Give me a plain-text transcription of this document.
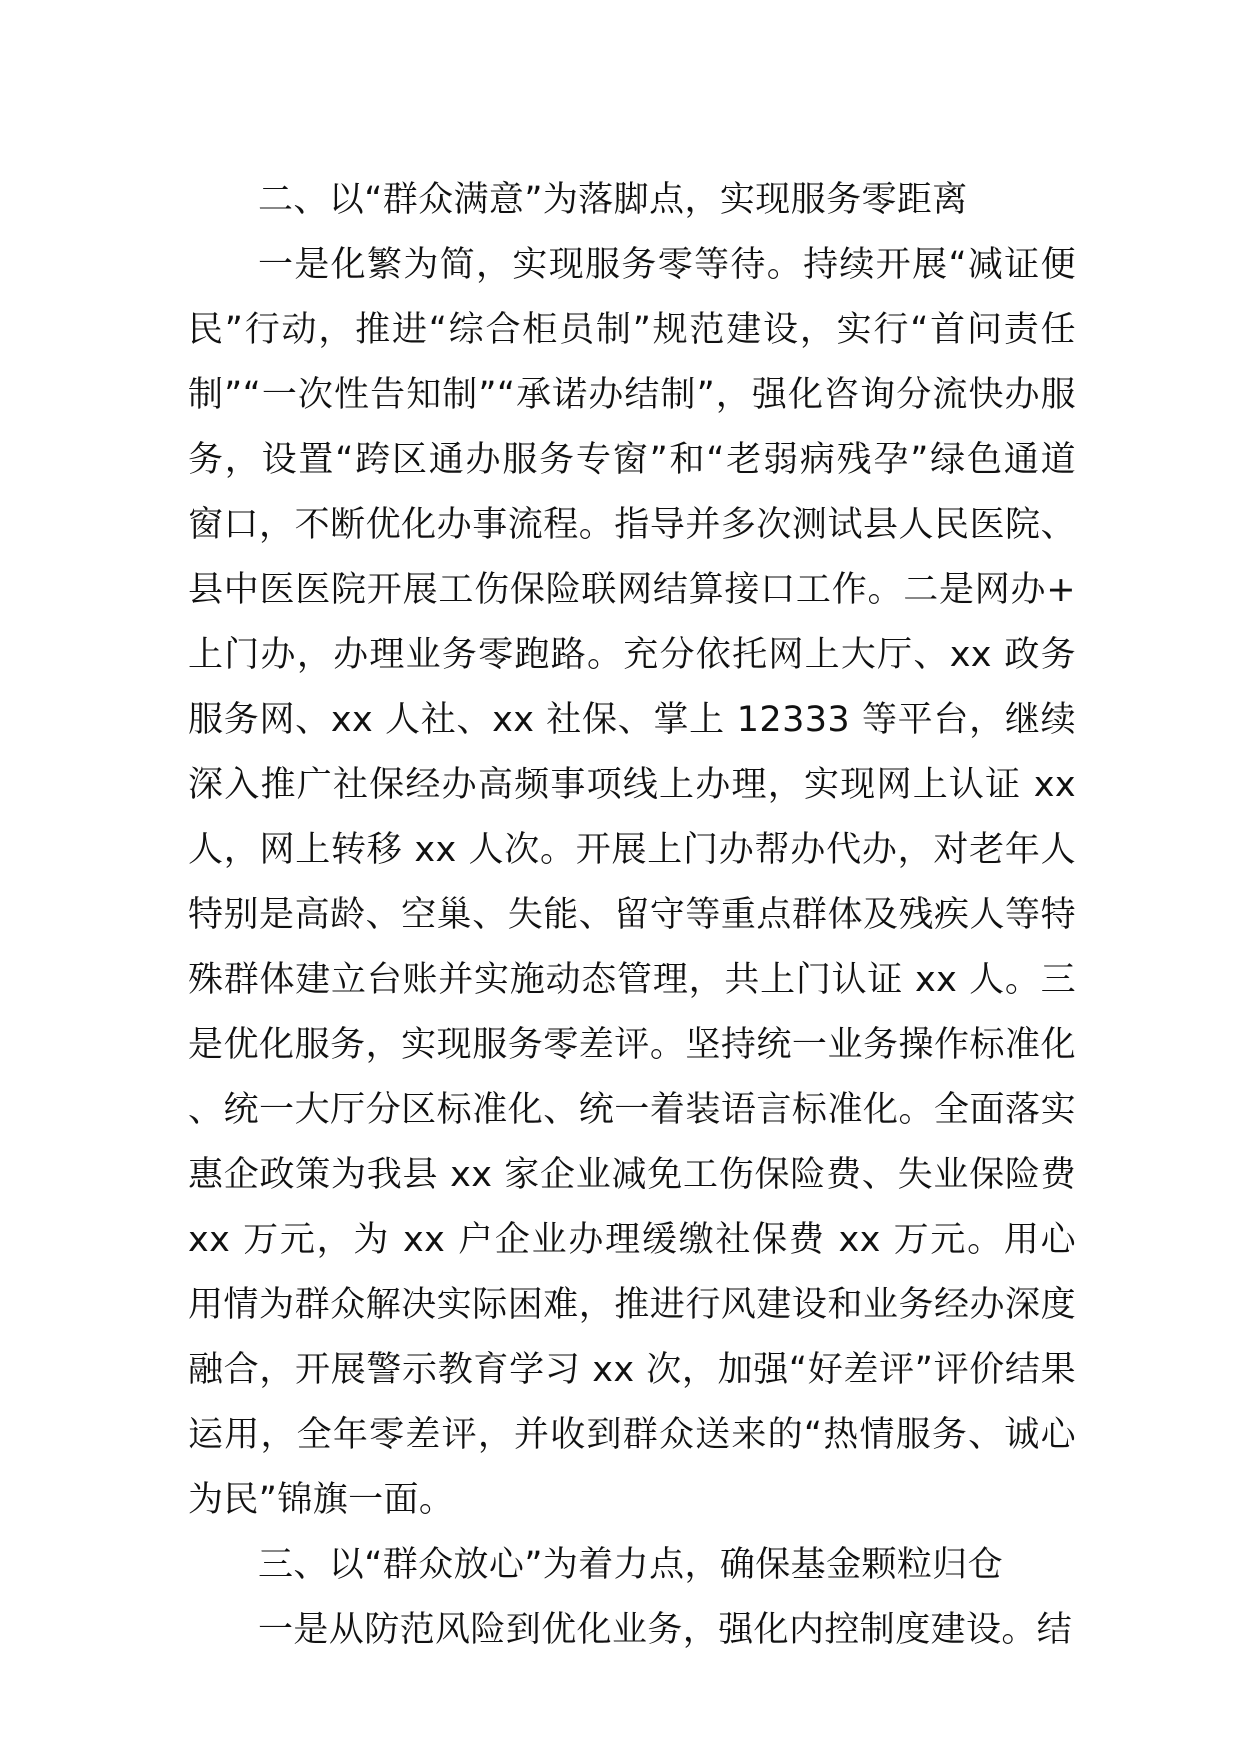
二、以“群众满意”为落脚点，实现服务零距离

一是化繁为简，实现服务零等待。持续开展“减证便民”行动，推进“综合柜员制”规范建设，实行“首问责任制”“一次性告知制”“承诺办结制”，强化咨询分流快办服务，设置“跨区通办服务专窗”和“老弱病残孕”绿色通道窗口，不断优化办事流程。指导并多次测试县人民医院、县中医医院开展工伤保险联网结算接口工作。二是网办+上门办，办理业务零跑路。充分依托网上大厅、xx 政务服务网、xx 人社、xx 社保、掌上 12333 等平台，继续深入推广社保经办高频事项线上办理，实现网上认证 xx 人，网上转移 xx 人次。开展上门办帮办代办，对老年人特别是高龄、空巢、失能、留守等重点群体及残疾人等特殊群体建立台账并实施动态管理，共上门认证 xx 人。三是优化服务，实现服务零差评。坚持统一业务操作标准化、统一大厅分区标准化、统一着装语言标准化。全面落实惠企政策为我县 xx 家企业减免工伤保险费、失业保险费 xx 万元，为 xx 户企业办理缓缴社保费 xx 万元。用心用情为群众解决实际困难，推进行风建设和业务经办深度融合，开展警示教育学习 xx 次，加强“好差评”评价结果运用，全年零差评，并收到群众送来的“热情服务、诚心为民”锦旗一面。

三、以“群众放心”为着力点，确保基金颗粒归仓

一是从防范风险到优化业务，强化内控制度建设。结
